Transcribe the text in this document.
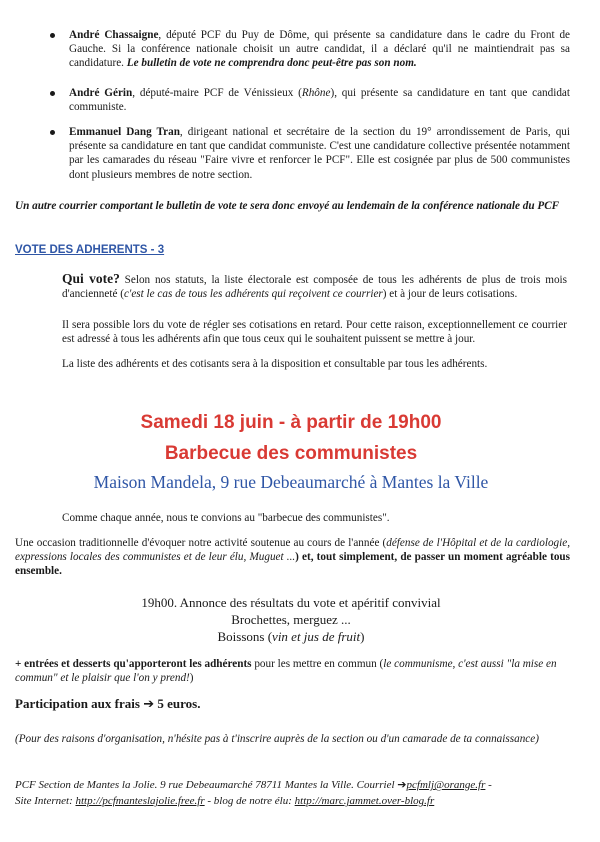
André Chassaigne, député PCF du Puy de Dôme, qui présente sa candidature dans le cadre du Front de Gauche. Si la conférence nationale choisit un autre candidat, il a déclaré qu'il ne maintiendrait pas sa candidature. Le bulletin de vote ne comprendra donc peut-être pas son nom.
André Gérin, député-maire PCF de Vénissieux (Rhône), qui présente sa candidature en tant que candidat communiste.
Emmanuel Dang Tran, dirigeant national et secrétaire de la section du 19° arrondissement de Paris, qui présente sa candidature en tant que candidat communiste. C'est une candidature collective présentée notamment par les camarades du réseau "Faire vivre et renforcer le PCF". Elle est cosignée par plus de 500 communistes dont plusieurs membres de notre section.
Un autre courrier comportant le bulletin de vote te sera donc envoyé au lendemain de la conférence nationale du PCF
VOTE DES ADHERENTS - 3
Qui vote? Selon nos statuts, la liste électorale est composée de tous les adhérents de plus de trois mois d'ancienneté (c'est le cas de tous les adhérents qui reçoivent ce courrier) et à jour de leurs cotisations.
Il sera possible lors du vote de régler ses cotisations en retard. Pour cette raison, exceptionnellement ce courrier est adressé à tous les adhérents afin que tous ceux qui le souhaitent puissent se mettre à jour.
La liste des adhérents et des cotisants sera à la disposition et consultable par tous les adhérents.
Samedi 18 juin - à partir de 19h00
Barbecue des communistes
Maison Mandela, 9 rue Debeaumarché à Mantes la Ville
Comme chaque année, nous te convions au "barbecue des communistes".
Une occasion traditionnelle d'évoquer notre activité soutenue au cours de l'année (défense de l'Hôpital et de la cardiologie, expressions locales des communistes et de leur élu, Muguet ...) et, tout simplement, de passer un moment agréable tous ensemble.
19h00. Annonce des résultats du vote et apéritif convivial
Brochettes, merguez ...
Boissons (vin et jus de fruit)
+ entrées et desserts qu'apporteront les adhérents pour les mettre en commun (le communisme, c'est aussi "la mise en commun" et le plaisir que l'on y prend!)
Participation aux frais ➔ 5 euros.
(Pour des raisons d'organisation, n'hésite pas à t'inscrire auprès de la section ou d'un camarade de ta connaissance)
PCF Section de Mantes la Jolie. 9 rue Debeaumarché 78711 Mantes la Ville. Courriel ➔pcfmlj@orange.fr -
Site Internet: http://pcfmanteslajolie.free.fr - blog de notre élu: http://marc.jammet.over-blog.fr
